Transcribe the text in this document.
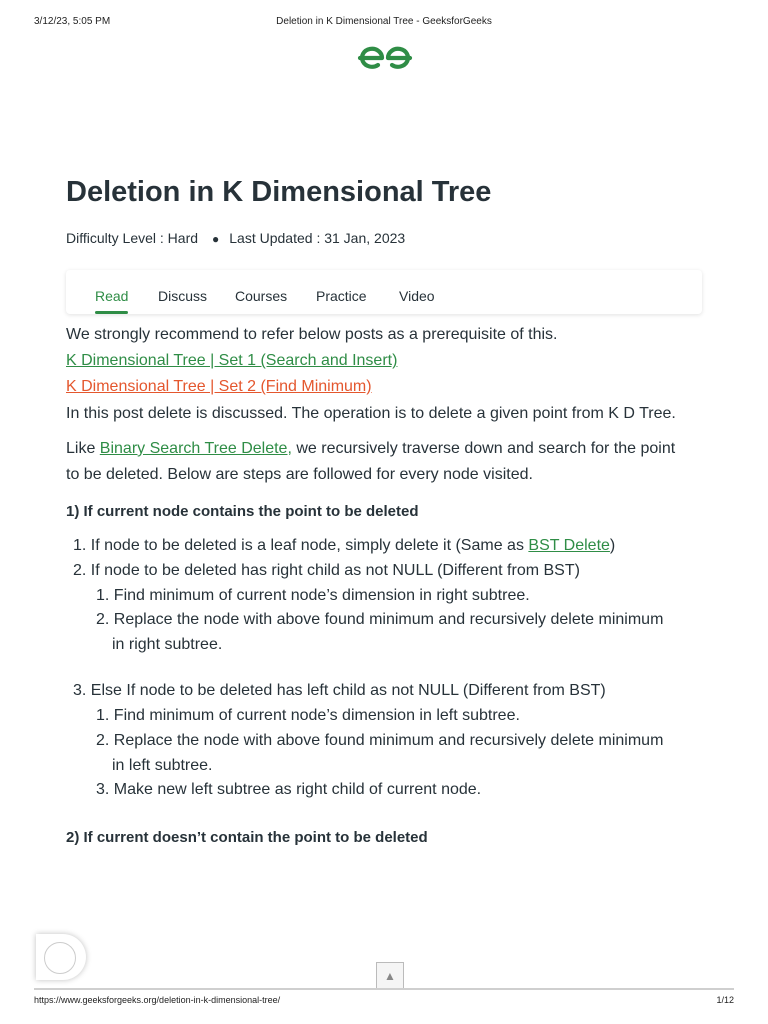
3/12/23, 5:05 PM	Deletion in K Dimensional Tree - GeeksforGeeks
Deletion in K Dimensional Tree
Difficulty Level : Hard ● Last Updated : 31 Jan, 2023
Read Discuss Courses Practice Video
We strongly recommend to refer below posts as a prerequisite of this.
K Dimensional Tree | Set 1 (Search and Insert)
K Dimensional Tree | Set 2 (Find Minimum)
In this post delete is discussed. The operation is to delete a given point from K D Tree.
Like Binary Search Tree Delete, we recursively traverse down and search for the point
to be deleted. Below are steps are followed for every node visited.
1) If current node contains the point to be deleted
1. If node to be deleted is a leaf node, simply delete it (Same as BST Delete)
2. If node to be deleted has right child as not NULL (Different from BST)
1. Find minimum of current node’s dimension in right subtree.
2. Replace the node with above found minimum and recursively delete minimum
in right subtree.
3. Else If node to be deleted has left child as not NULL (Different from BST)
1. Find minimum of current node’s dimension in left subtree.
2. Replace the node with above found minimum and recursively delete minimum
in left subtree.
3. Make new left subtree as right child of current node.
2) If current doesn’t contain the point to be deleted
▲
https://www.geeksforgeeks.org/deletion-in-k-dimensional-tree/	1/12
